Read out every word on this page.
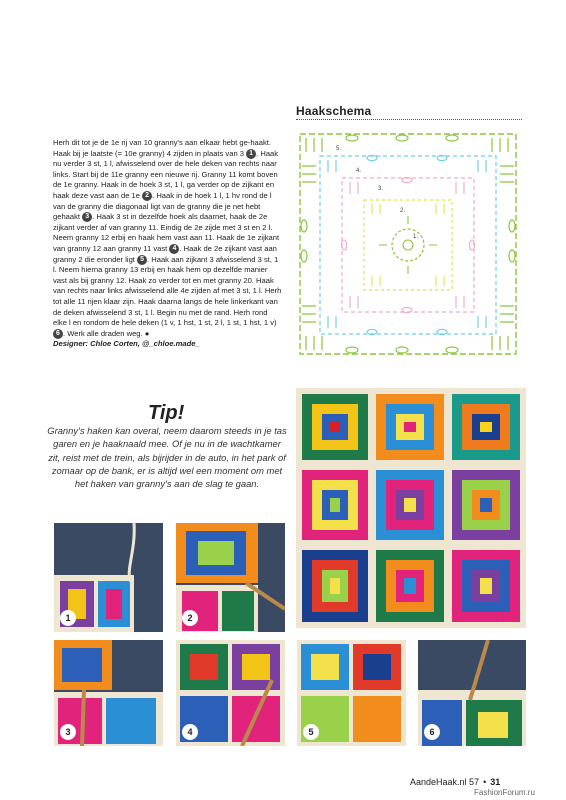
Haakschema
5.
4.
3.
2.
1.

Herh dit tot je de 1e rij van 10 granny's aan elkaar hebt ge-haakt. Haak bij je laatste (= 10e granny) 4 zijden in plaats van 3 1 . Haak nu verder 3 st, 1 l, afwisselend over de hele deken van rechts naar links. Start bij de 11e granny een nieuwe rij. Granny 11 komt boven de 1e granny. Haak in de hoek 3 st, 1 l, ga verder op de zijkant en haak deze vast aan de 1e 2 . Haak in de hoek 1 l, 1 hv rond de l van de granny die diagonaal ligt van de granny die je net hebt gehaakt 3 . Haak 3 st in dezelfde hoek als daarnet, haak de 2e zijkant verder af van granny 11. Eindig de 2e zijde met 3 st en 2 l. Neem granny 12 erbij en haak hem vast aan 11. Haak de 1e zijkant van granny 12 aan granny 11 vast 4 . Haak de 2e zijkant vast aan granny 2 die eronder ligt 5 . Haak aan zijkant 3 afwisselend 3 st, 1 l. Neem hierna granny 13 erbij en haak hem op dezelfde manier vast als bij granny 12. Haak zo verder tot en met granny 20. Haak van rechts naar links afwisselend alle 4e zijden af met 3 st, 1 l. Herh tot alle 11 rijen klaar zijn. Haak daarna langs de hele linkerkant van de deken afwisselend 3 st, 1 l. Begin nu met de rand. Herh rond elke l en rondom de hele deken (1 v, 1 hst, 1 st, 2 l, 1 st, 1 hst, 1 v) 6 . Werk alle draden weg. ●

Designer: Chloe Corten, @_chloe.made_

Tip!
Granny's haken kan overal, neem daarom steeds in je tas garen en je haaknaald mee. Of je nu in de wachtkamer zit, reist met de trein, als bijrijder in de auto, in het park of zomaar op de bank, er is altijd wel een moment om met het haken van granny's aan de slag te gaan.
1	2
3	4	5	6
AandeHaak.nl 57 • 31
FashionForum.ru
